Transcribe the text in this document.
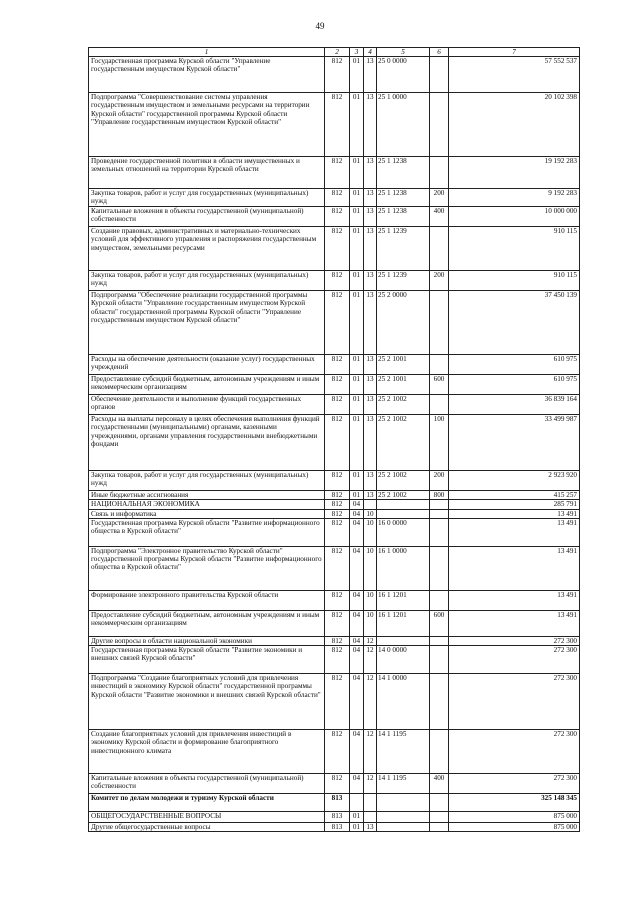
49
1	2	3	4	5	6	7
Государственная программа Курской области "Управление государственным имуществом Курской области"	812	01	13	25 0 0000		57 552 537
Подпрограмма "Совершенствование системы управления государственным имуществом и земельными ресурсами на территории Курской области" государственной программы Курской области "Управление государственным имуществом Курской области"	812	01	13	25 1 0000		20 102 398
Проведение государственной политики в области имущественных и земельных отношений на территории Курской области	812	01	13	25 1 1238		19 192 283
Закупка товаров, работ и услуг для государственных (муниципальных) нужд	812	01	13	25 1 1238	200	9 192 283
Капитальные вложения в объекты государственной (муниципальной) собственности	812	01	13	25 1 1238	400	10 000 000
Создание правовых, административных и материально-технических условий для эффективного управления и распоряжения государственным имуществом, земельными ресурсами	812	01	13	25 1 1239		910 115
Закупка товаров, работ и услуг для государственных (муниципальных) нужд	812	01	13	25 1 1239	200	910 115
Подпрограмма "Обеспечение реализации государственной программы Курской области "Управление государственным имуществом Курской области" государственной программы Курской области "Управление государственным имуществом Курской области"	812	01	13	25 2 0000		37 450 139
Расходы на обеспечение деятельности (оказание услуг) государственных учреждений	812	01	13	25 2 1001		610 975
Предоставление субсидий бюджетным, автономным учреждениям и иным некоммерческим организациям	812	01	13	25 2 1001	600	610 975
Обеспечение деятельности и выполнение функций государственных органов	812	01	13	25 2 1002		36 839 164
Расходы на выплаты персоналу в целях обеспечения выполнения функций государственными (муниципальными) органами, казенными учреждениями, органами управления государственными внебюджетными фондами	812	01	13	25 2 1002	100	33 499 987
Закупка товаров, работ и услуг для государственных (муниципальных) нужд	812	01	13	25 2 1002	200	2 923 920
Иные бюджетные ассигнования	812	01	13	25 2 1002	800	415 257
НАЦИОНАЛЬНАЯ ЭКОНОМИКА	812	04				285 791
Связь и информатика	812	04	10			13 491
Государственная программа Курской области "Развитие информационного общества в Курской области"	812	04	10	16 0 0000		13 491
Подпрограмма "Электронное правительство Курской области" государственной программы Курской области "Развитие информационного общества в Курской области"	812	04	10	16 1 0000		13 491
Формирование электронного правительства Курской области	812	04	10	16 1 1201		13 491
Предоставление субсидий бюджетным, автономным учреждениям и иным некоммерческим организациям	812	04	10	16 1 1201	600	13 491
Другие вопросы в области национальной экономики	812	04	12			272 300
Государственная программа Курской области "Развитие экономики и внешних связей Курской области"	812	04	12	14 0 0000		272 300
Подпрограмма "Создание благоприятных условий для привлечения инвестиций в экономику Курской области" государственной программы Курской области "Развитие экономики и внешних связей Курской области"	812	04	12	14 1 0000		272 300
Создание благоприятных условий для привлечения инвестиций в экономику Курской области и формирование благоприятного инвестиционного климата	812	04	12	14 1 1195		272 300
Капитальные вложения в объекты государственной (муниципальной) собственности	812	04	12	14 1 1195	400	272 300
Комитет по делам молодежи и туризму Курской области	813					325 148 345
ОБЩЕГОСУДАРСТВЕННЫЕ ВОПРОСЫ	813	01				875 000
Другие общегосударственные вопросы	813	01	13			875 000
